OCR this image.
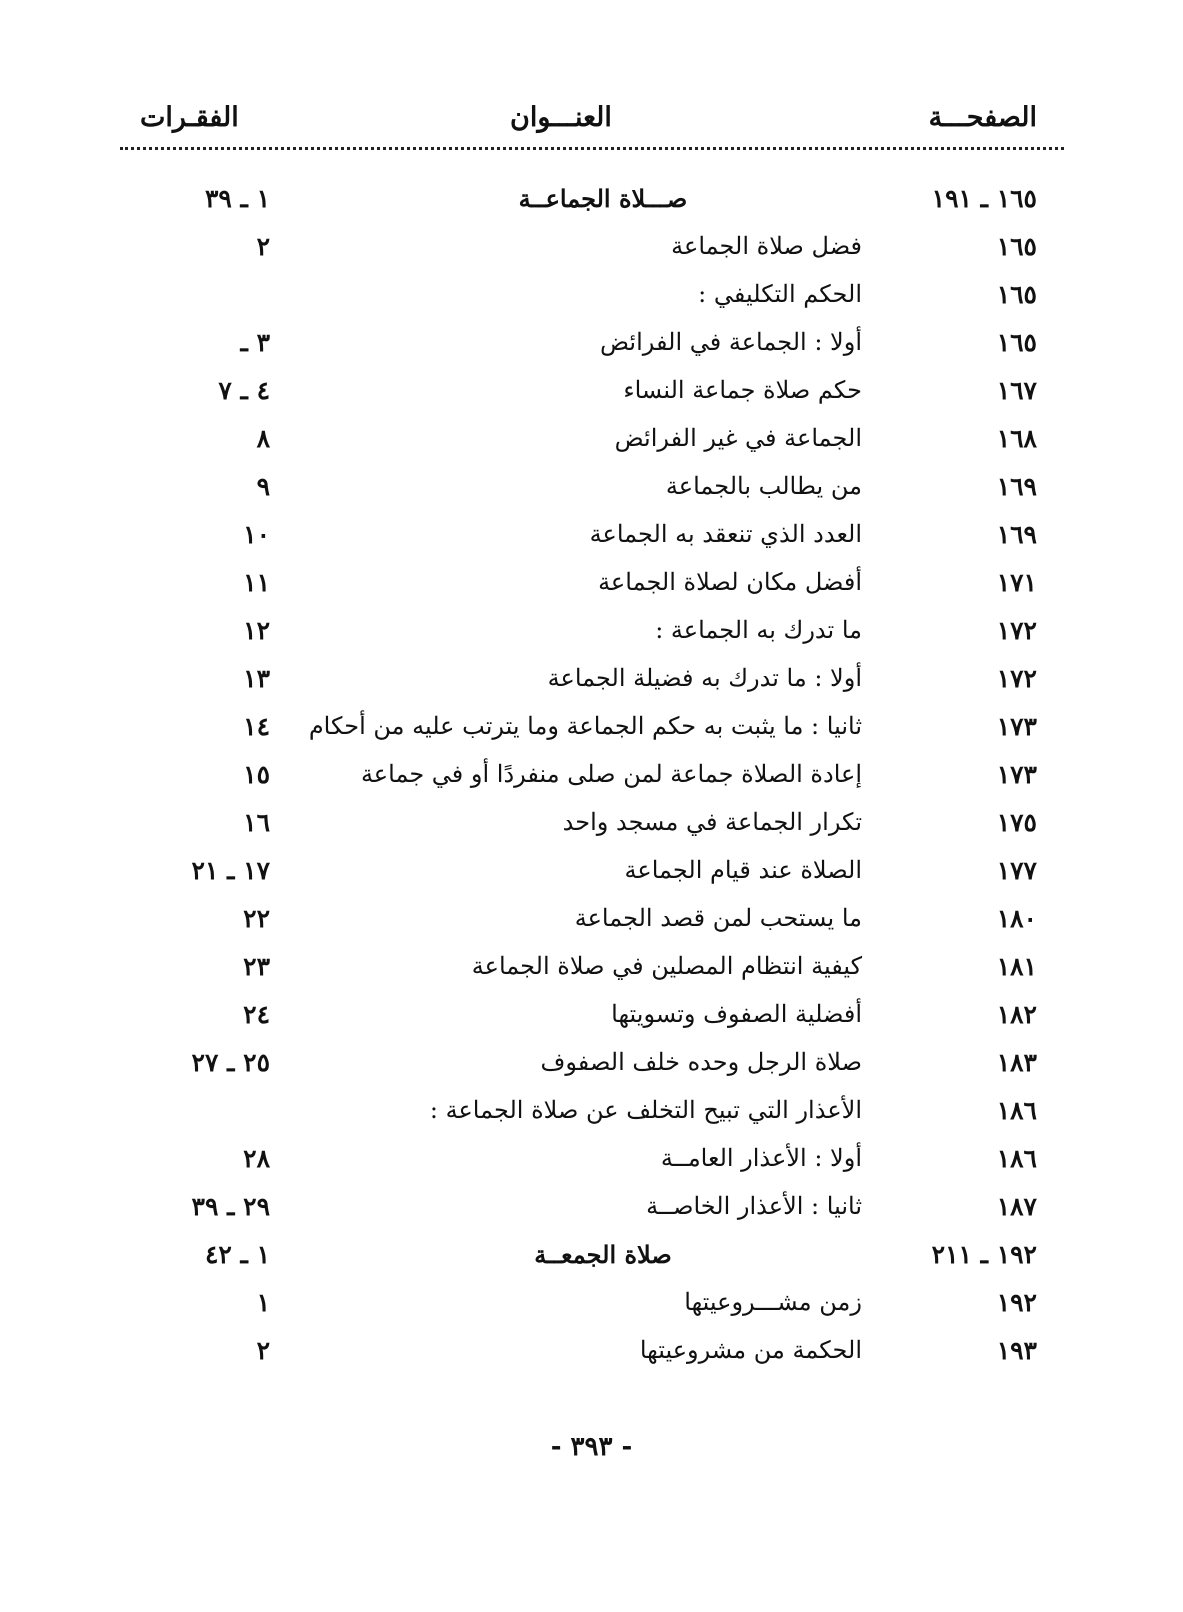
الصفحـــة
العنـــوان
الفقـرات
١٦٥ ـ ١٩١
صـــلاة الجماعــة
١ ـ ٣٩
١٦٥
فضل صلاة الجماعة
٢
١٦٥
الحكم التكليفي :
١٦٥
أولا : الجماعة في الفرائض
٣ ـ
١٦٧
حكم صلاة جماعة النساء
٤ ـ ٧
١٦٨
الجماعة في غير الفرائض
٨
١٦٩
من يطالب بالجماعة
٩
١٦٩
العدد الذي تنعقد به الجماعة
١٠
١٧١
أفضل مكان لصلاة الجماعة
١١
١٧٢
ما تدرك به الجماعة :
١٢
١٧٢
أولا : ما تدرك به فضيلة الجماعة
١٣
١٧٣
ثانيا : ما يثبت به حكم الجماعة وما يترتب عليه من أحكام
١٤
١٧٣
إعادة الصلاة جماعة لمن صلى منفردًا أو في جماعة
١٥
١٧٥
تكرار الجماعة في مسجد واحد
١٦
١٧٧
الصلاة عند قيام الجماعة
١٧ ـ ٢١
١٨٠
ما يستحب لمن قصد الجماعة
٢٢
١٨١
كيفية انتظام المصلين في صلاة الجماعة
٢٣
١٨٢
أفضلية الصفوف وتسويتها
٢٤
١٨٣
صلاة الرجل وحده خلف الصفوف
٢٥ ـ ٢٧
١٨٦
الأعذار التي تبيح التخلف عن صلاة الجماعة :
١٨٦
أولا : الأعذار العامــة
٢٨
١٨٧
ثانيا : الأعذار الخاصــة
٢٩ ـ ٣٩
١٩٢ ـ ٢١١
صلاة الجمعــة
١ ـ ٤٢
١٩٢
زمن مشـــروعيتها
١
١٩٣
الحكمة من مشروعيتها
٢
- ٣٩٣ -
